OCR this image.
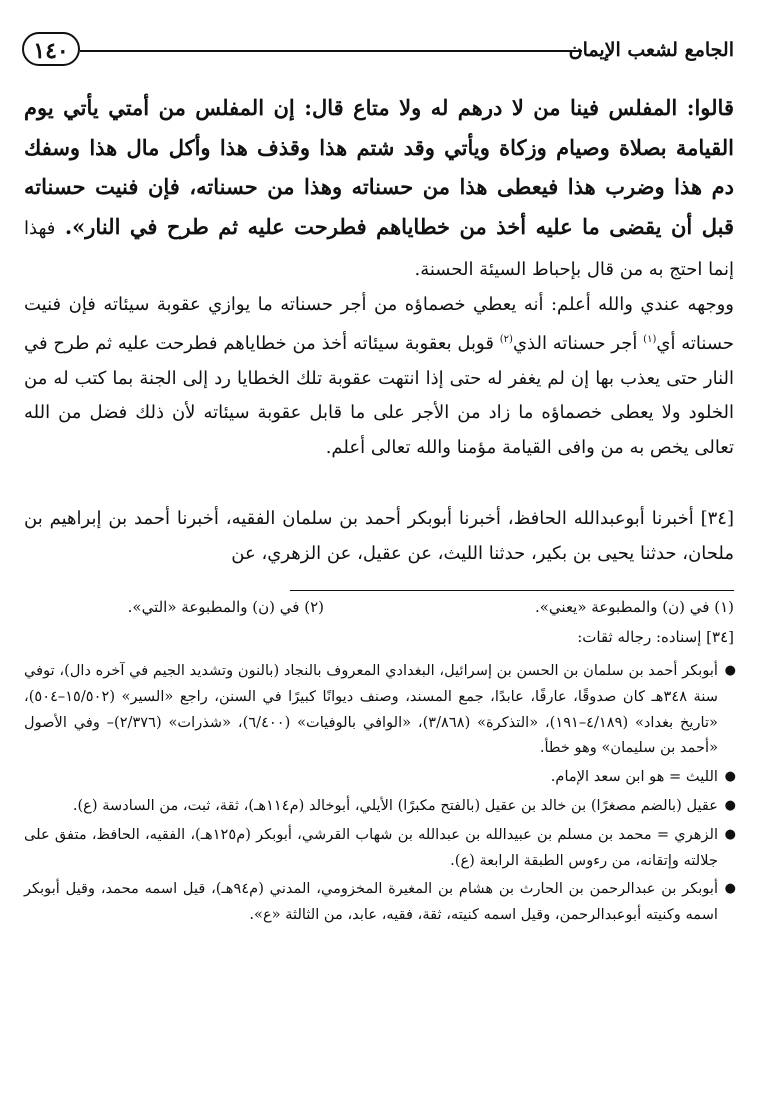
١٤٠	الجامع لشعب الإيمان
قالوا: المفلس فينا من لا درهم له ولا متاع قال: إن المفلس من أمتي يأتي يوم القيامة بصلاة وصيام وزكاة ويأتي وقد شتم هذا وقذف هذا وأكل مال هذا وسفك دم هذا وضرب هذا فيعطى هذا من حسناته وهذا من حسناته، فإن فنيت حسناته قبل أن يقضى ما عليه أخذ من خطاياهم فطرحت عليه ثم طرح في النار». فهذا إنما احتج به من قال بإحباط السيئة الحسنة.
ووجهه عندي والله أعلم: أنه يعطي خصماؤه من أجر حسناته ما يوازي عقوبة سيئاته فإن فنيت حسناته أي$^{(١)}$ أجر حسناته الذي$^{(٢)}$ قوبل بعقوبة سيئاته أخذ من خطاياهم فطرحت عليه ثم طرح في النار حتى يعذب بها إن لم يغفر له حتى إذا انتهت عقوبة تلك الخطايا رد إلى الجنة بما كتب له من الخلود ولا يعطى خصماؤه ما زاد من الأجر على ما قابل عقوبة سيئاته لأن ذلك فضل من الله تعالى يخص به من وافى القيامة مؤمنا والله تعالى أعلم.
[٣٤] أخبرنا أبوعبدالله الحافظ، أخبرنا أبوبكر أحمد بن سلمان الفقيه، أخبرنا أحمد بن إبراهيم بن ملحان، حدثنا يحيى بن بكير، حدثنا الليث، عن عقيل، عن الزهري، عن
(١) في (ن) والمطبوعة «يعني».
(٢) في (ن) والمطبوعة «التي».
[٣٤] إسناده: رجاله ثقات:
●
أبوبكر أحمد بن سلمان بن الحسن بن إسرائيل، البغدادي المعروف بالنجاد (بالنون وتشديد الجيم في آخره دال)، توفي سنة ٣٤٨هـ كان صدوقًا، عارفًا، عابدًا، جمع المسند، وصنف ديوانًا كبيرًا في السنن، راجع «السير» (١٥/٥٠٢–٥٠٤)، «تاريخ بغداد» (٤/١٨٩–١٩١)، «التذكرة» (٣/٨٦٨)، «الوافي بالوفيات» (٦/٤٠٠)، «شذرات» (٢/٣٧٦)– وفي الأصول «أحمد بن سليمان» وهو خطأ.
●
الليث = هو ابن سعد الإمام.
●
عقيل (بالضم مصغرًا) بن خالد بن عقيل (بالفتح مكبرًا) الأيلي، أبوخالد (م١١٤هـ)، ثقة، ثبت، من السادسة (ع).
●
الزهري = محمد بن مسلم بن عبيدالله بن عبدالله بن شهاب القرشي، أبوبكر (م١٢٥هـ)، الفقيه، الحافظ، متفق على جلالته وإتقانه، من رءوس الطبقة الرابعة (ع).
●
أبوبكر بن عبدالرحمن بن الحارث بن هشام بن المغيرة المخزومي، المدني (م٩٤هـ)، قيل اسمه محمد، وقيل أبوبكر اسمه وكنيته أبوعبدالرحمن، وقيل اسمه كنيته، ثقة، فقيه، عابد، من الثالثة «ع».
